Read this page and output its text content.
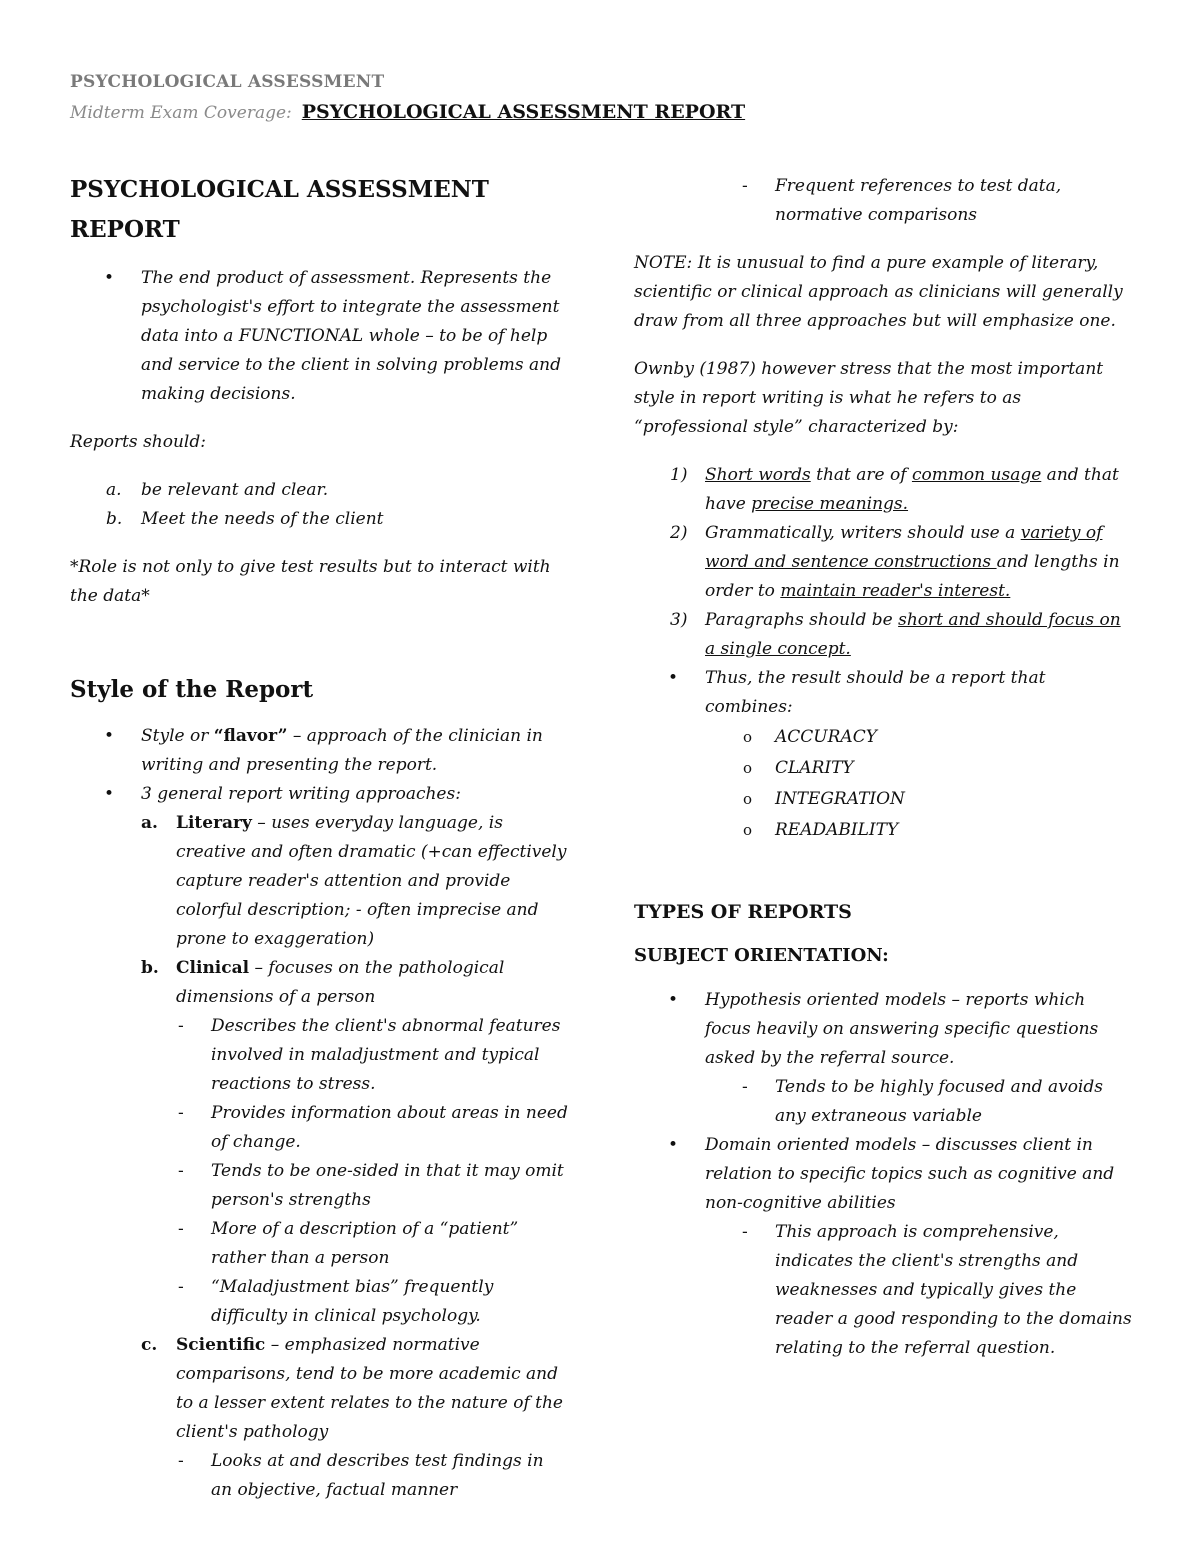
PSYCHOLOGICAL ASSESSMENT
Midterm Exam Coverage: PSYCHOLOGICAL ASSESSMENT REPORT
PSYCHOLOGICAL ASSESSMENT REPORT
• The end product of assessment. Represents the psychologist's effort to integrate the assessment data into a FUNCTIONAL whole – to be of help and service to the client in solving problems and making decisions.

Reports should:

a. be relevant and clear.
b. Meet the needs of the client

*Role is not only to give test results but to interact with the data*

Style of the Report
• Style or “flavor” – approach of the clinician in writing and presenting the report.
• 3 general report writing approaches:
a. Literary – uses everyday language, is creative and often dramatic (+can effectively capture reader's attention and provide colorful description; - often imprecise and prone to exaggeration)
b. Clinical – focuses on the pathological dimensions of a person
- Describes the client's abnormal features involved in maladjustment and typical reactions to stress.
- Provides information about areas in need of change.
- Tends to be one-sided in that it may omit person's strengths
- More of a description of a “patient” rather than a person
- “Maladjustment bias” frequently difficulty in clinical psychology.
c. Scientific – emphasized normative comparisons, tend to be more academic and to a lesser extent relates to the nature of the client's pathology
- Looks at and describes test findings in an objective, factual manner
- Frequent references to test data, normative comparisons

NOTE: It is unusual to find a pure example of literary, scientific or clinical approach as clinicians will generally draw from all three approaches but will emphasize one.

Ownby (1987) however stress that the most important style in report writing is what he refers to as “professional style” characterized by:

1) Short words that are of common usage and that have precise meanings.
2) Grammatically, writers should use a variety of word and sentence constructions and lengths in order to maintain reader's interest.
3) Paragraphs should be short and should focus on a single concept.
• Thus, the result should be a report that combines:
o ACCURACY
o CLARITY
o INTEGRATION
o READABILITY
TYPES OF REPORTS
SUBJECT ORIENTATION:
• Hypothesis oriented models – reports which focus heavily on answering specific questions asked by the referral source.
- Tends to be highly focused and avoids any extraneous variable
• Domain oriented models – discusses client in relation to specific topics such as cognitive and non-cognitive abilities
- This approach is comprehensive, indicates the client's strengths and weaknesses and typically gives the reader a good responding to the domains relating to the referral question.
